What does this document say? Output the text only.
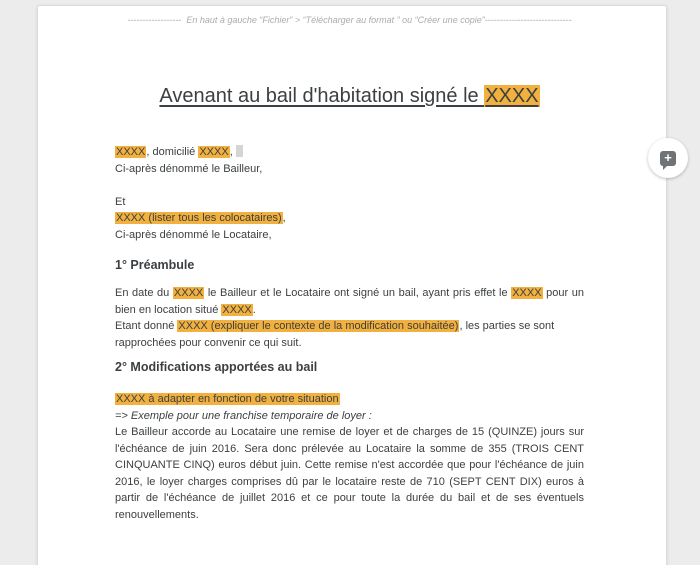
------------------  En haut à gauche “Fichier” > “Télécharger au format ” ou “Créer une copie”-----------------------------
Avenant au bail d'habitation signé le XXXX
XXXX, domicilié XXXX,
Ci-après dénommé le Bailleur,
Et
XXXX (lister tous les colocataires),
Ci-après dénommé le Locataire,
1° Préambule

En date du XXXX le Bailleur et le Locataire ont signé un bail, ayant pris effet le XXXX pour un bien en location situé XXXX.

Etant donné XXXX (expliquer le contexte de la modification souhaitée), les parties se sont rapprochées pour convenir ce qui suit.

2° Modifications apportées au bail
XXXX à adapter en fonction de votre situation

=> Exemple pour une franchise temporaire de loyer :

Le Bailleur accorde au Locataire une remise de loyer et de charges de 15 (QUINZE) jours sur l'échéance de juin 2016. Sera donc prélevée au Locataire la somme de 355 (TROIS CENT CINQUANTE CINQ) euros début juin. Cette remise n'est accordée que pour l'échéance de juin 2016, le loyer charges comprises dû par le locataire reste de 710 (SEPT CENT DIX) euros à partir de l'échéance de juillet 2016 et ce pour toute la durée du bail et de ses éventuels renouvellements.

+
